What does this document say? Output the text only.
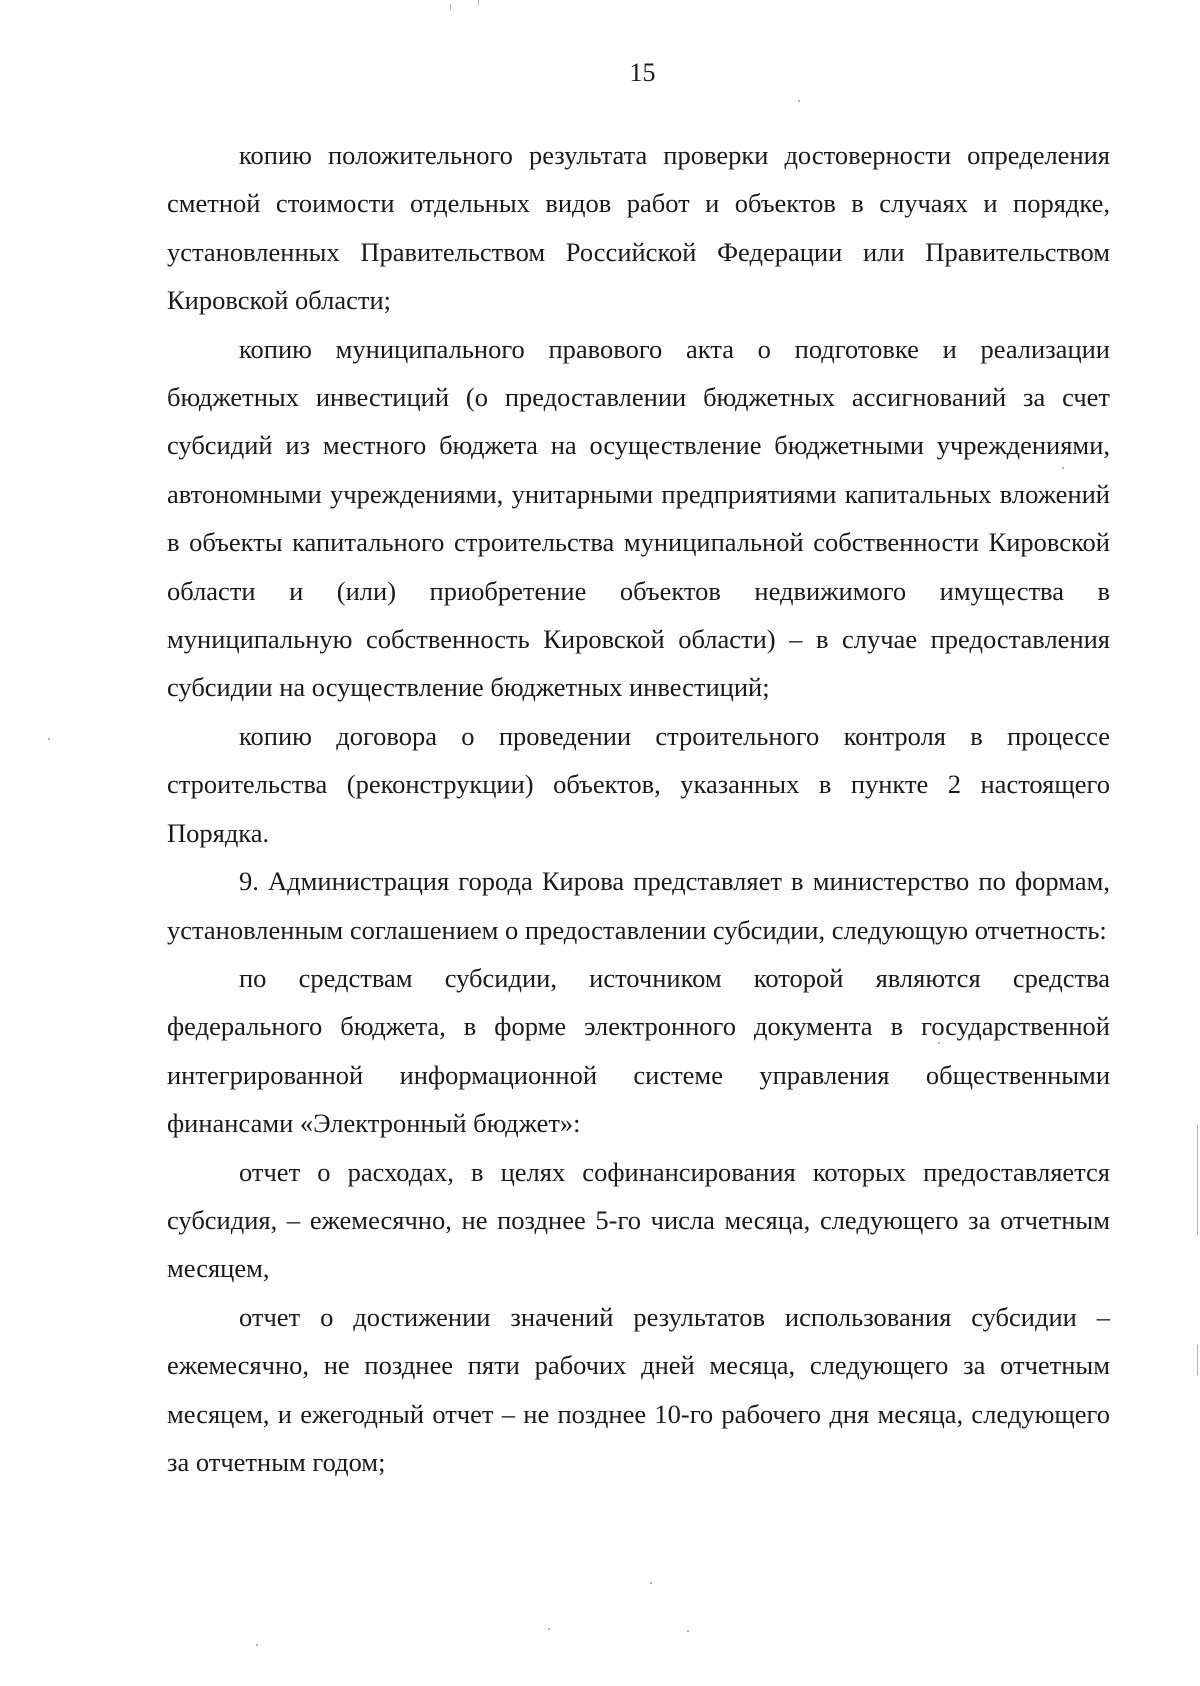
15

копию положительного результата проверки достоверности определения сметной стоимости отдельных видов работ и объектов в случаях и порядке, установленных Правительством Российской Федерации или Правительством Кировской области;

копию муниципального правового акта о подготовке и реализации бюджетных инвестиций (о предоставлении бюджетных ассигнований за счет субсидий из местного бюджета на осуществление бюджетными учреждениями, автономными учреждениями, унитарными предприятиями капитальных вложений в объекты капитального строительства муниципальной собственности Кировской области и (или) приобретение объектов недвижимого имущества в муниципальную собственность Кировской области) – в случае предоставления субсидии на осуществление бюджетных инвестиций;

копию договора о проведении строительного контроля в процессе строительства (реконструкции) объектов, указанных в пункте 2 настоящего Порядка.

9. Администрация города Кирова представляет в министерство по формам, установленным соглашением о предоставлении субсидии, следующую отчетность:

по средствам субсидии, источником которой являются средства федерального бюджета, в форме электронного документа в государственной интегрированной информационной системе управления общественными финансами «Электронный бюджет»:

отчет о расходах, в целях софинансирования которых предоставляется субсидия, – ежемесячно, не позднее 5-го числа месяца, следующего за отчетным месяцем,

отчет о достижении значений результатов использования субсидии – ежемесячно, не позднее пяти рабочих дней месяца, следующего за отчетным месяцем, и ежегодный отчет – не позднее 10-го рабочего дня месяца, следующего за отчетным годом;
